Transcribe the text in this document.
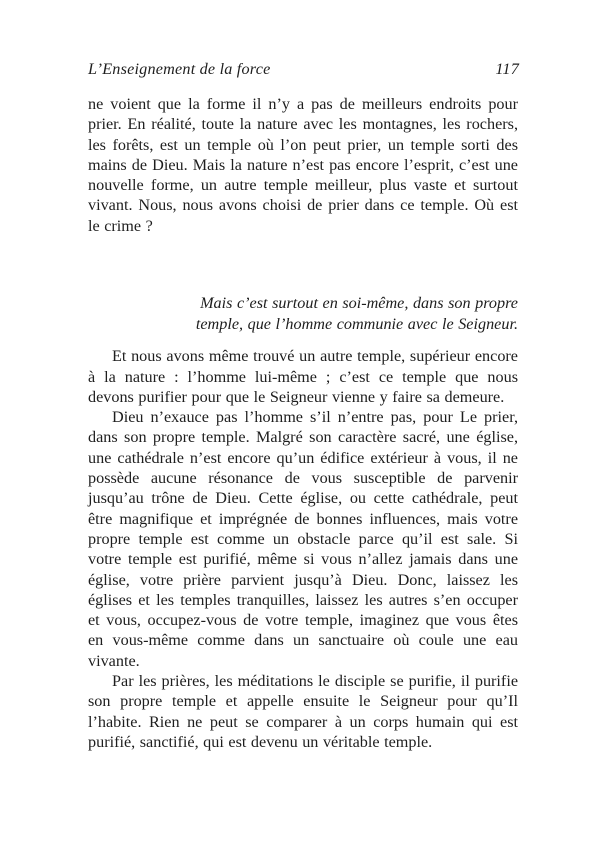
L’Enseignement de la force	117

ne voient que la forme il n’y a pas de meilleurs endroits pour prier. En réalité, toute la nature avec les montagnes, les rochers, les forêts, est un temple où l’on peut prier, un temple sorti des mains de Dieu. Mais la nature n’est pas encore l’esprit, c’est une nouvelle forme, un autre temple meilleur, plus vaste et surtout vivant. Nous, nous avons choisi de prier dans ce temple. Où est le crime ?

Mais c’est surtout en soi-même, dans son propre temple, que l’homme communie avec le Seigneur.

Et nous avons même trouvé un autre temple, supérieur encore à la nature : l’homme lui-même ; c’est ce temple que nous devons purifier pour que le Seigneur vienne y faire sa demeure.

Dieu n’exauce pas l’homme s’il n’entre pas, pour Le prier, dans son propre temple. Malgré son caractère sacré, une église, une cathédrale n’est encore qu’un édifice extérieur à vous, il ne possède aucune résonance de vous susceptible de parvenir jusqu’au trône de Dieu. Cette église, ou cette cathédrale, peut être magnifique et imprégnée de bonnes influences, mais votre propre temple est comme un obstacle parce qu’il est sale. Si votre temple est purifié, même si vous n’allez jamais dans une église, votre prière parvient jusqu’à Dieu. Donc, laissez les églises et les temples tranquilles, laissez les autres s’en occuper et vous, occupez-vous de votre temple, imaginez que vous êtes en vous-même comme dans un sanctuaire où coule une eau vivante.

Par les prières, les méditations le disciple se purifie, il purifie son propre temple et appelle ensuite le Seigneur pour qu’Il l’habite. Rien ne peut se comparer à un corps humain qui est purifié, sanctifié, qui est devenu un véritable temple.
